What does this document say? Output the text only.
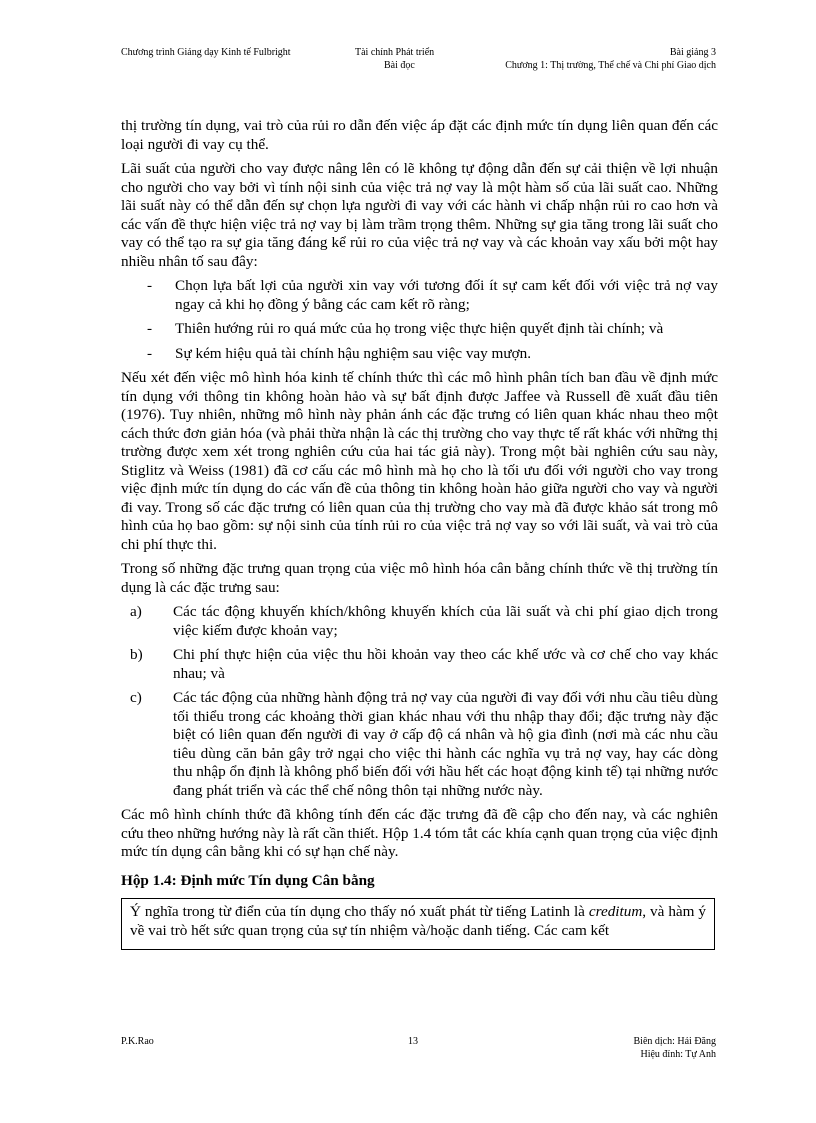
Chương trình Giảng dạy Kinh tế Fulbright	Tài chính Phát triển
Bài đọc
Bài giảng 3
Chương 1: Thị trường, Thể chế và Chi phí Giao dịch

thị trường tín dụng, vai trò của rủi ro dẫn đến việc áp đặt các định mức tín dụng liên quan đến các loại người đi vay cụ thể.

Lãi suất của người cho vay được nâng lên có lẽ không tự động dẫn đến sự cải thiện về lợi nhuận cho người cho vay bởi vì tính nội sinh của việc trả nợ vay là một hàm số của lãi suất cao. Những lãi suất này có thể dẫn đến sự chọn lựa người đi vay với các hành vi chấp nhận rủi ro cao hơn và các vấn đề thực hiện việc trả nợ vay bị làm trầm trọng thêm. Những sự gia tăng trong lãi suất cho vay có thể tạo ra sự gia tăng đáng kể rủi ro của việc trả nợ vay và các khoản vay xấu bởi một hay nhiều nhân tố sau đây:

- Chọn lựa bất lợi của người xin vay với tương đối ít sự cam kết đối với việc trả nợ vay ngay cả khi họ đồng ý bằng các cam kết rõ ràng;
- Thiên hướng rủi ro quá mức của họ trong việc thực hiện quyết định tài chính; và
- Sự kém hiệu quả tài chính hậu nghiệm sau việc vay mượn.

Nếu xét đến việc mô hình hóa kinh tế chính thức thì các mô hình phân tích ban đầu về định mức tín dụng với thông tin không hoàn hảo và sự bất định được Jaffee và Russell đề xuất đầu tiên (1976). Tuy nhiên, những mô hình này phản ánh các đặc trưng có liên quan khác nhau theo một cách thức đơn giản hóa (và phải thừa nhận là các thị trường cho vay thực tế rất khác với những thị trường được xem xét trong nghiên cứu của hai tác giả này). Trong một bài nghiên cứu sau này, Stiglitz và Weiss (1981) đã cơ cấu các mô hình mà họ cho là tối ưu đối với người cho vay trong việc định mức tín dụng do các vấn đề của thông tin không hoàn hảo giữa người cho vay và người đi vay. Trong số các đặc trưng có liên quan của thị trường cho vay mà đã được khảo sát trong mô hình của họ bao gồm: sự nội sinh của tính rủi ro của việc trả nợ vay so với lãi suất, và vai trò của chi phí thực thi.

Trong số những đặc trưng quan trọng của việc mô hình hóa cân bằng chính thức về thị trường tín dụng là các đặc trưng sau:

a) Các tác động khuyến khích/không khuyến khích của lãi suất và chi phí giao dịch trong việc kiếm được khoản vay;
b) Chi phí thực hiện của việc thu hồi khoản vay theo các khế ước và cơ chế cho vay khác nhau; và
c) Các tác động của những hành động trả nợ vay của người đi vay đối với nhu cầu tiêu dùng tối thiểu trong các khoảng thời gian khác nhau với thu nhập thay đổi; đặc trưng này đặc biệt có liên quan đến người đi vay ở cấp độ cá nhân và hộ gia đình (nơi mà các nhu cầu tiêu dùng căn bản gây trở ngại cho việc thi hành các nghĩa vụ trả nợ vay, hay các dòng thu nhập ổn định là không phổ biến đối với hầu hết các hoạt động kinh tế) tại những nước đang phát triển và các thể chế nông thôn tại những nước này.

Các mô hình chính thức đã không tính đến các đặc trưng đã đề cập cho đến nay, và các nghiên cứu theo những hướng này là rất cần thiết. Hộp 1.4 tóm tắt các khía cạnh quan trọng của việc định mức tín dụng cân bằng khi có sự hạn chế này.

Hộp 1.4: Định mức Tín dụng Cân bằng

Ý nghĩa trong từ điển của tín dụng cho thấy nó xuất phát từ tiếng Latinh là creditum, và hàm ý về vai trò hết sức quan trọng của sự tín nhiệm và/hoặc danh tiếng. Các cam kết

P.K.Rao	13	Biên dịch: Hải Đăng
Hiệu đính: Tự Anh
